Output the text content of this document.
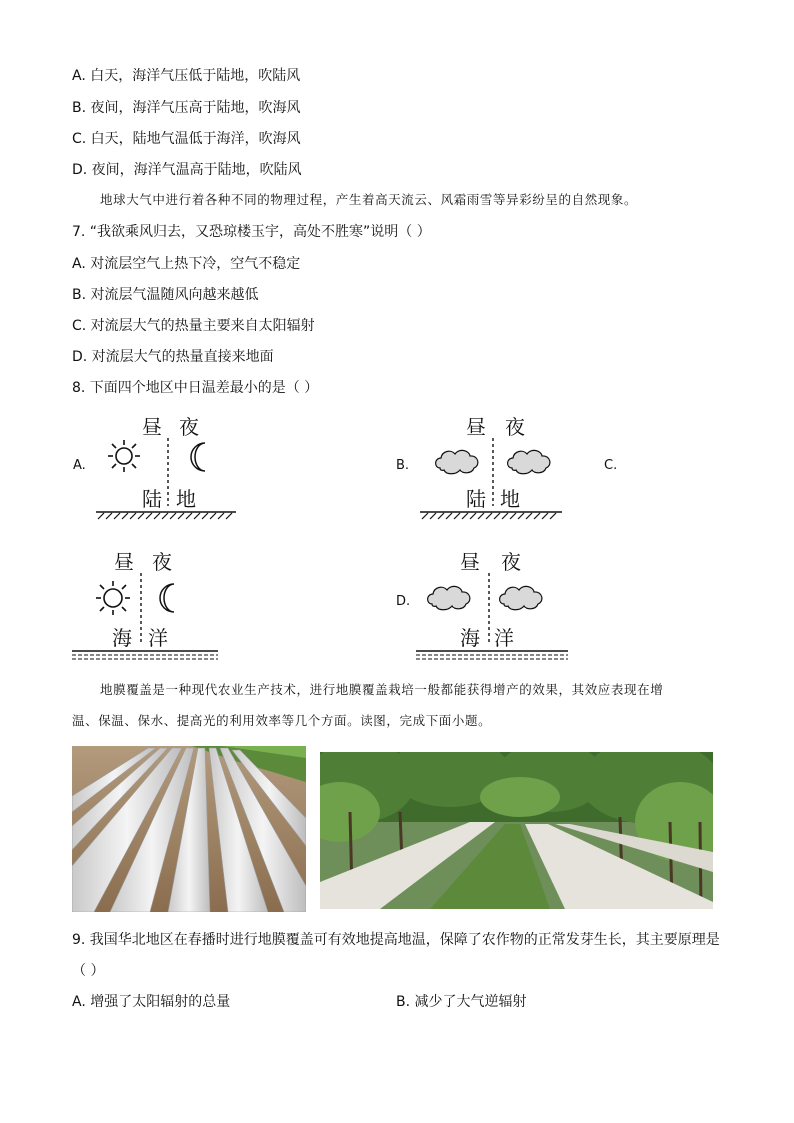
A. 白天，海洋气压低于陆地，吹陆风
B. 夜间，海洋气压高于陆地，吹海风
C. 白天，陆地气温低于海洋，吹海风
D. 夜间，海洋气温高于陆地，吹陆风
地球大气中进行着各种不同的物理过程，产生着高天流云、风霜雨雪等异彩纷呈的自然现象。
7. “我欲乘风归去，又恐琼楼玉宇，高处不胜寒”说明（ ）
A. 对流层空气上热下冷，空气不稳定
B. 对流层气温随风向越来越低
C. 对流层大气的热量主要来自太阳辐射
D. 对流层大气的热量直接来地面
8. 下面四个地区中日温差最小的是（ ）
A.
昼 夜
陆 地
B.
昼 夜
陆 地
C.
昼 夜
海 洋
D.
昼 夜
海 洋
地膜覆盖是一种现代农业生产技术，进行地膜覆盖栽培一般都能获得增产的效果，其效应表现在增
温、保温、保水、提高光的利用效率等几个方面。读图，完成下面小题。
9. 我国华北地区在春播时进行地膜覆盖可有效地提高地温，保障了农作物的正常发芽生长，其主要原理是
（ ）
A. 增强了太阳辐射的总量	B. 减少了大气逆辐射
